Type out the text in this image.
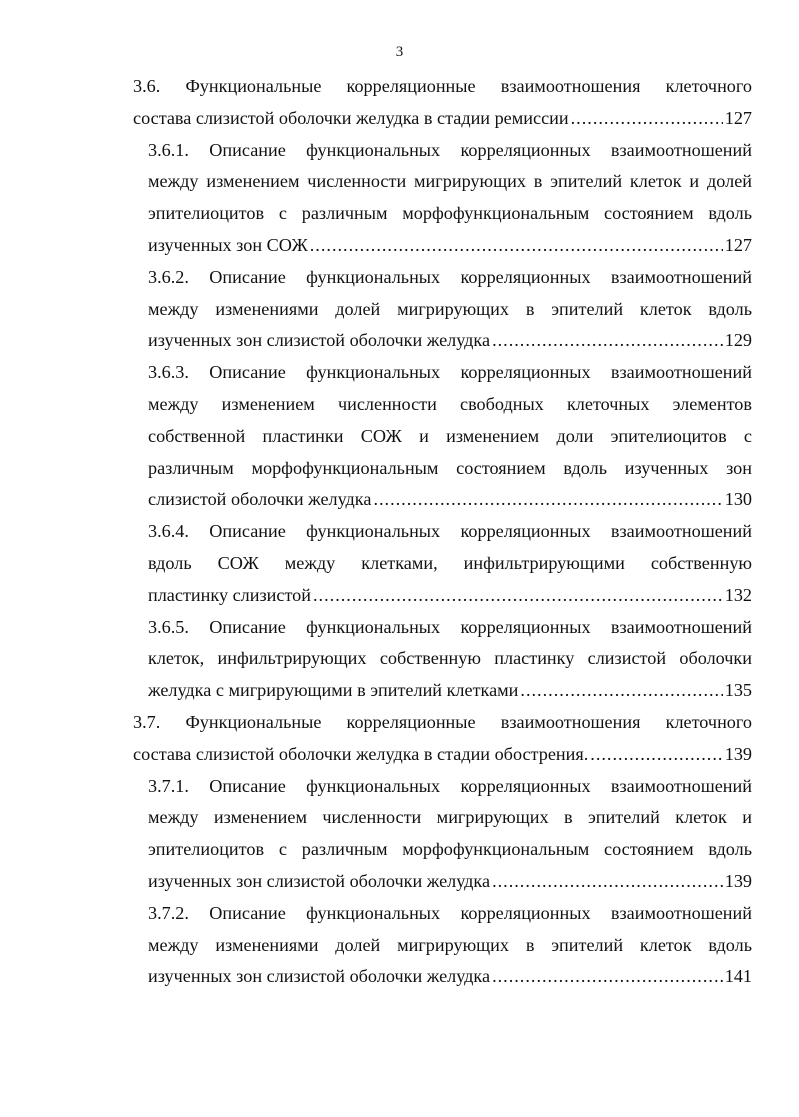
3
3.6. Функциональные корреляционные взаимоотношения клеточного
состава слизистой оболочки желудка в стадии ремиссии .....	127
3.6.1. Описание функциональных корреляционных взаимоотношений
между изменением численности мигрирующих в эпителий клеток и долей
эпителиоцитов с различным морфофункциональным состоянием вдоль
изученных зон СОЖ .....	127
3.6.2. Описание функциональных корреляционных взаимоотношений
между изменениями долей мигрирующих в эпителий клеток вдоль
изученных зон слизистой оболочки желудка .....	129
3.6.3. Описание функциональных корреляционных взаимоотношений
между изменением численности свободных клеточных элементов
собственной пластинки СОЖ и изменением доли эпителиоцитов с
различным морфофункциональным состоянием вдоль изученных зон
слизистой оболочки желудка .....	130
3.6.4. Описание функциональных корреляционных взаимоотношений
вдоль СОЖ между клетками, инфильтрирующими собственную
пластинку слизистой .....	132
3.6.5. Описание функциональных корреляционных взаимоотношений
клеток, инфильтрирующих собственную пластинку слизистой оболочки
желудка с мигрирующими в эпителий клетками .....	135
3.7. Функциональные корреляционные взаимоотношения клеточного
состава слизистой оболочки желудка в стадии обострения. .....	139
3.7.1. Описание функциональных корреляционных взаимоотношений
между изменением численности мигрирующих в эпителий клеток и
эпителиоцитов с различным морфофункциональным состоянием вдоль
изученных зон слизистой оболочки желудка .....	139
3.7.2. Описание функциональных корреляционных взаимоотношений
между изменениями долей мигрирующих в эпителий клеток вдоль
изученных зон слизистой оболочки желудка .....	141
